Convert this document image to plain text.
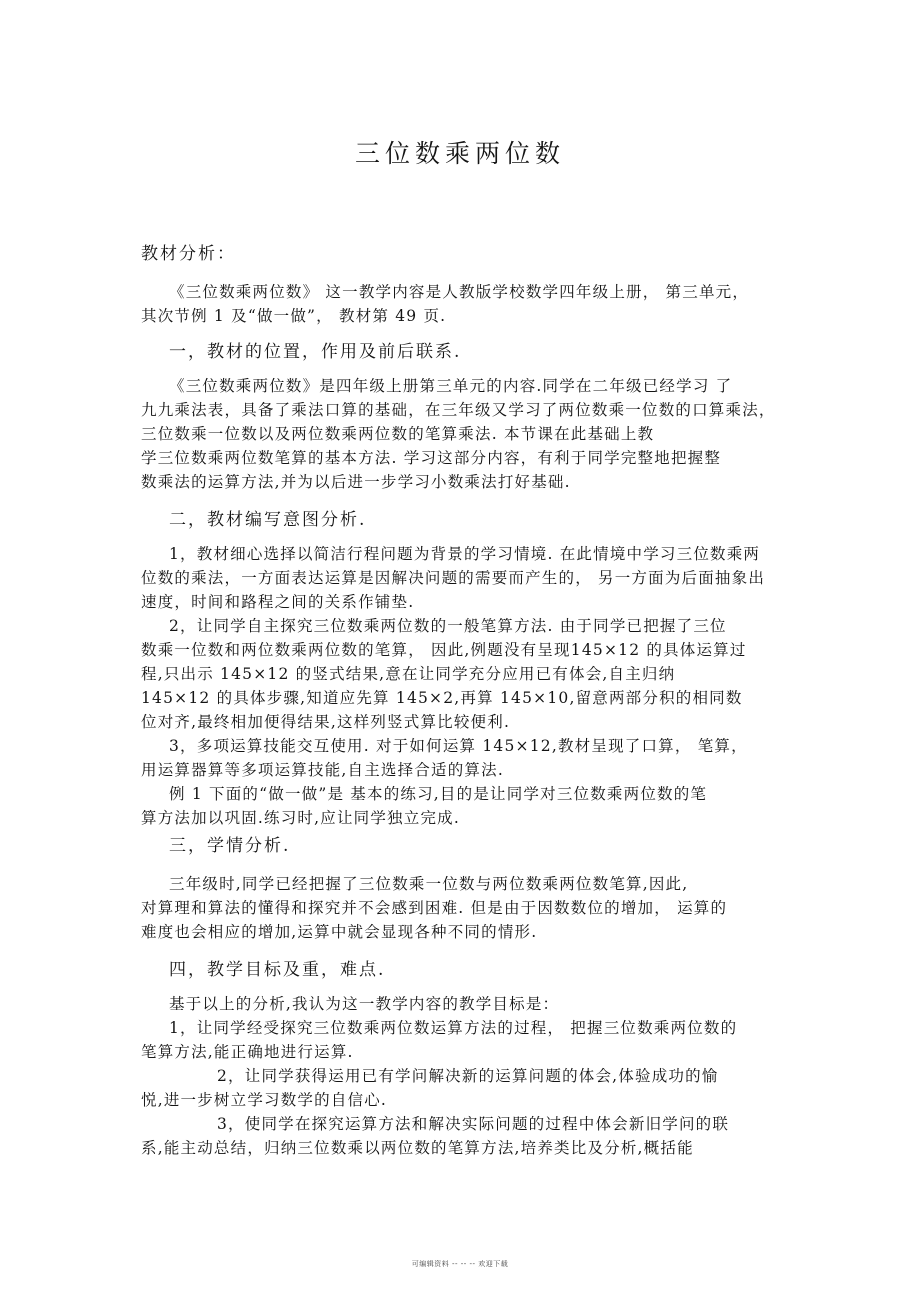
三位数乘两位数

教材分析：

《三位数乘两位数》 这一教学内容是人教版学校数学四年级上册， 第三单元，

其次节例 1 及“做一做”， 教材第 49 页.

一，教材的位置，作用及前后联系.

《三位数乘两位数》是四年级上册第三单元的内容.同学在二年级已经学习 了

九九乘法表，具备了乘法口算的基础，在三年级又学习了两位数乘一位数的口算乘法，

三位数乘一位数以及两位数乘两位数的笔算乘法. 本节课在此基础上教

学三位数乘两位数笔算的基本方法. 学习这部分内容，有利于同学完整地把握整

数乘法的运算方法,并为以后进一步学习小数乘法打好基础.

二，教材编写意图分析.

1，教材细心选择以简洁行程问题为背景的学习情境. 在此情境中学习三位数乘两

位数的乘法，一方面表达运算是因解决问题的需要而产生的， 另一方面为后面抽象出

速度，时间和路程之间的关系作铺垫.

2，让同学自主探究三位数乘两位数的一般笔算方法. 由于同学已把握了三位

数乘一位数和两位数乘两位数的笔算， 因此,例题没有呈现145×12 的具体运算过

程,只出示 145×12 的竖式结果,意在让同学充分应用已有体会,自主归纳

145×12 的具体步骤,知道应先算 145×2,再算 145×10,留意两部分积的相同数

位对齐,最终相加便得结果,这样列竖式算比较便利.

3，多项运算技能交互使用. 对于如何运算 145×12,教材呈现了口算， 笔算，

用运算器算等多项运算技能,自主选择合适的算法.

例 1 下面的“做一做”是 基本的练习,目的是让同学对三位数乘两位数的笔

算方法加以巩固.练习时,应让同学独立完成.

三，学情分析.

三年级时,同学已经把握了三位数乘一位数与两位数乘两位数笔算,因此,

对算理和算法的懂得和探究并不会感到困难. 但是由于因数数位的增加， 运算的

难度也会相应的增加,运算中就会显现各种不同的情形.

四，教学目标及重，难点.

基于以上的分析,我认为这一教学内容的教学目标是：

1，让同学经受探究三位数乘两位数运算方法的过程， 把握三位数乘两位数的

笔算方法,能正确地进行运算.

2，让同学获得运用已有学问解决新的运算问题的体会,体验成功的愉

悦,进一步树立学习数学的自信心.

3，使同学在探究运算方法和解决实际问题的过程中体会新旧学问的联

系,能主动总结，归纳三位数乘以两位数的笔算方法,培养类比及分析,概括能

可编辑资料 -- -- -- 欢迎下载
